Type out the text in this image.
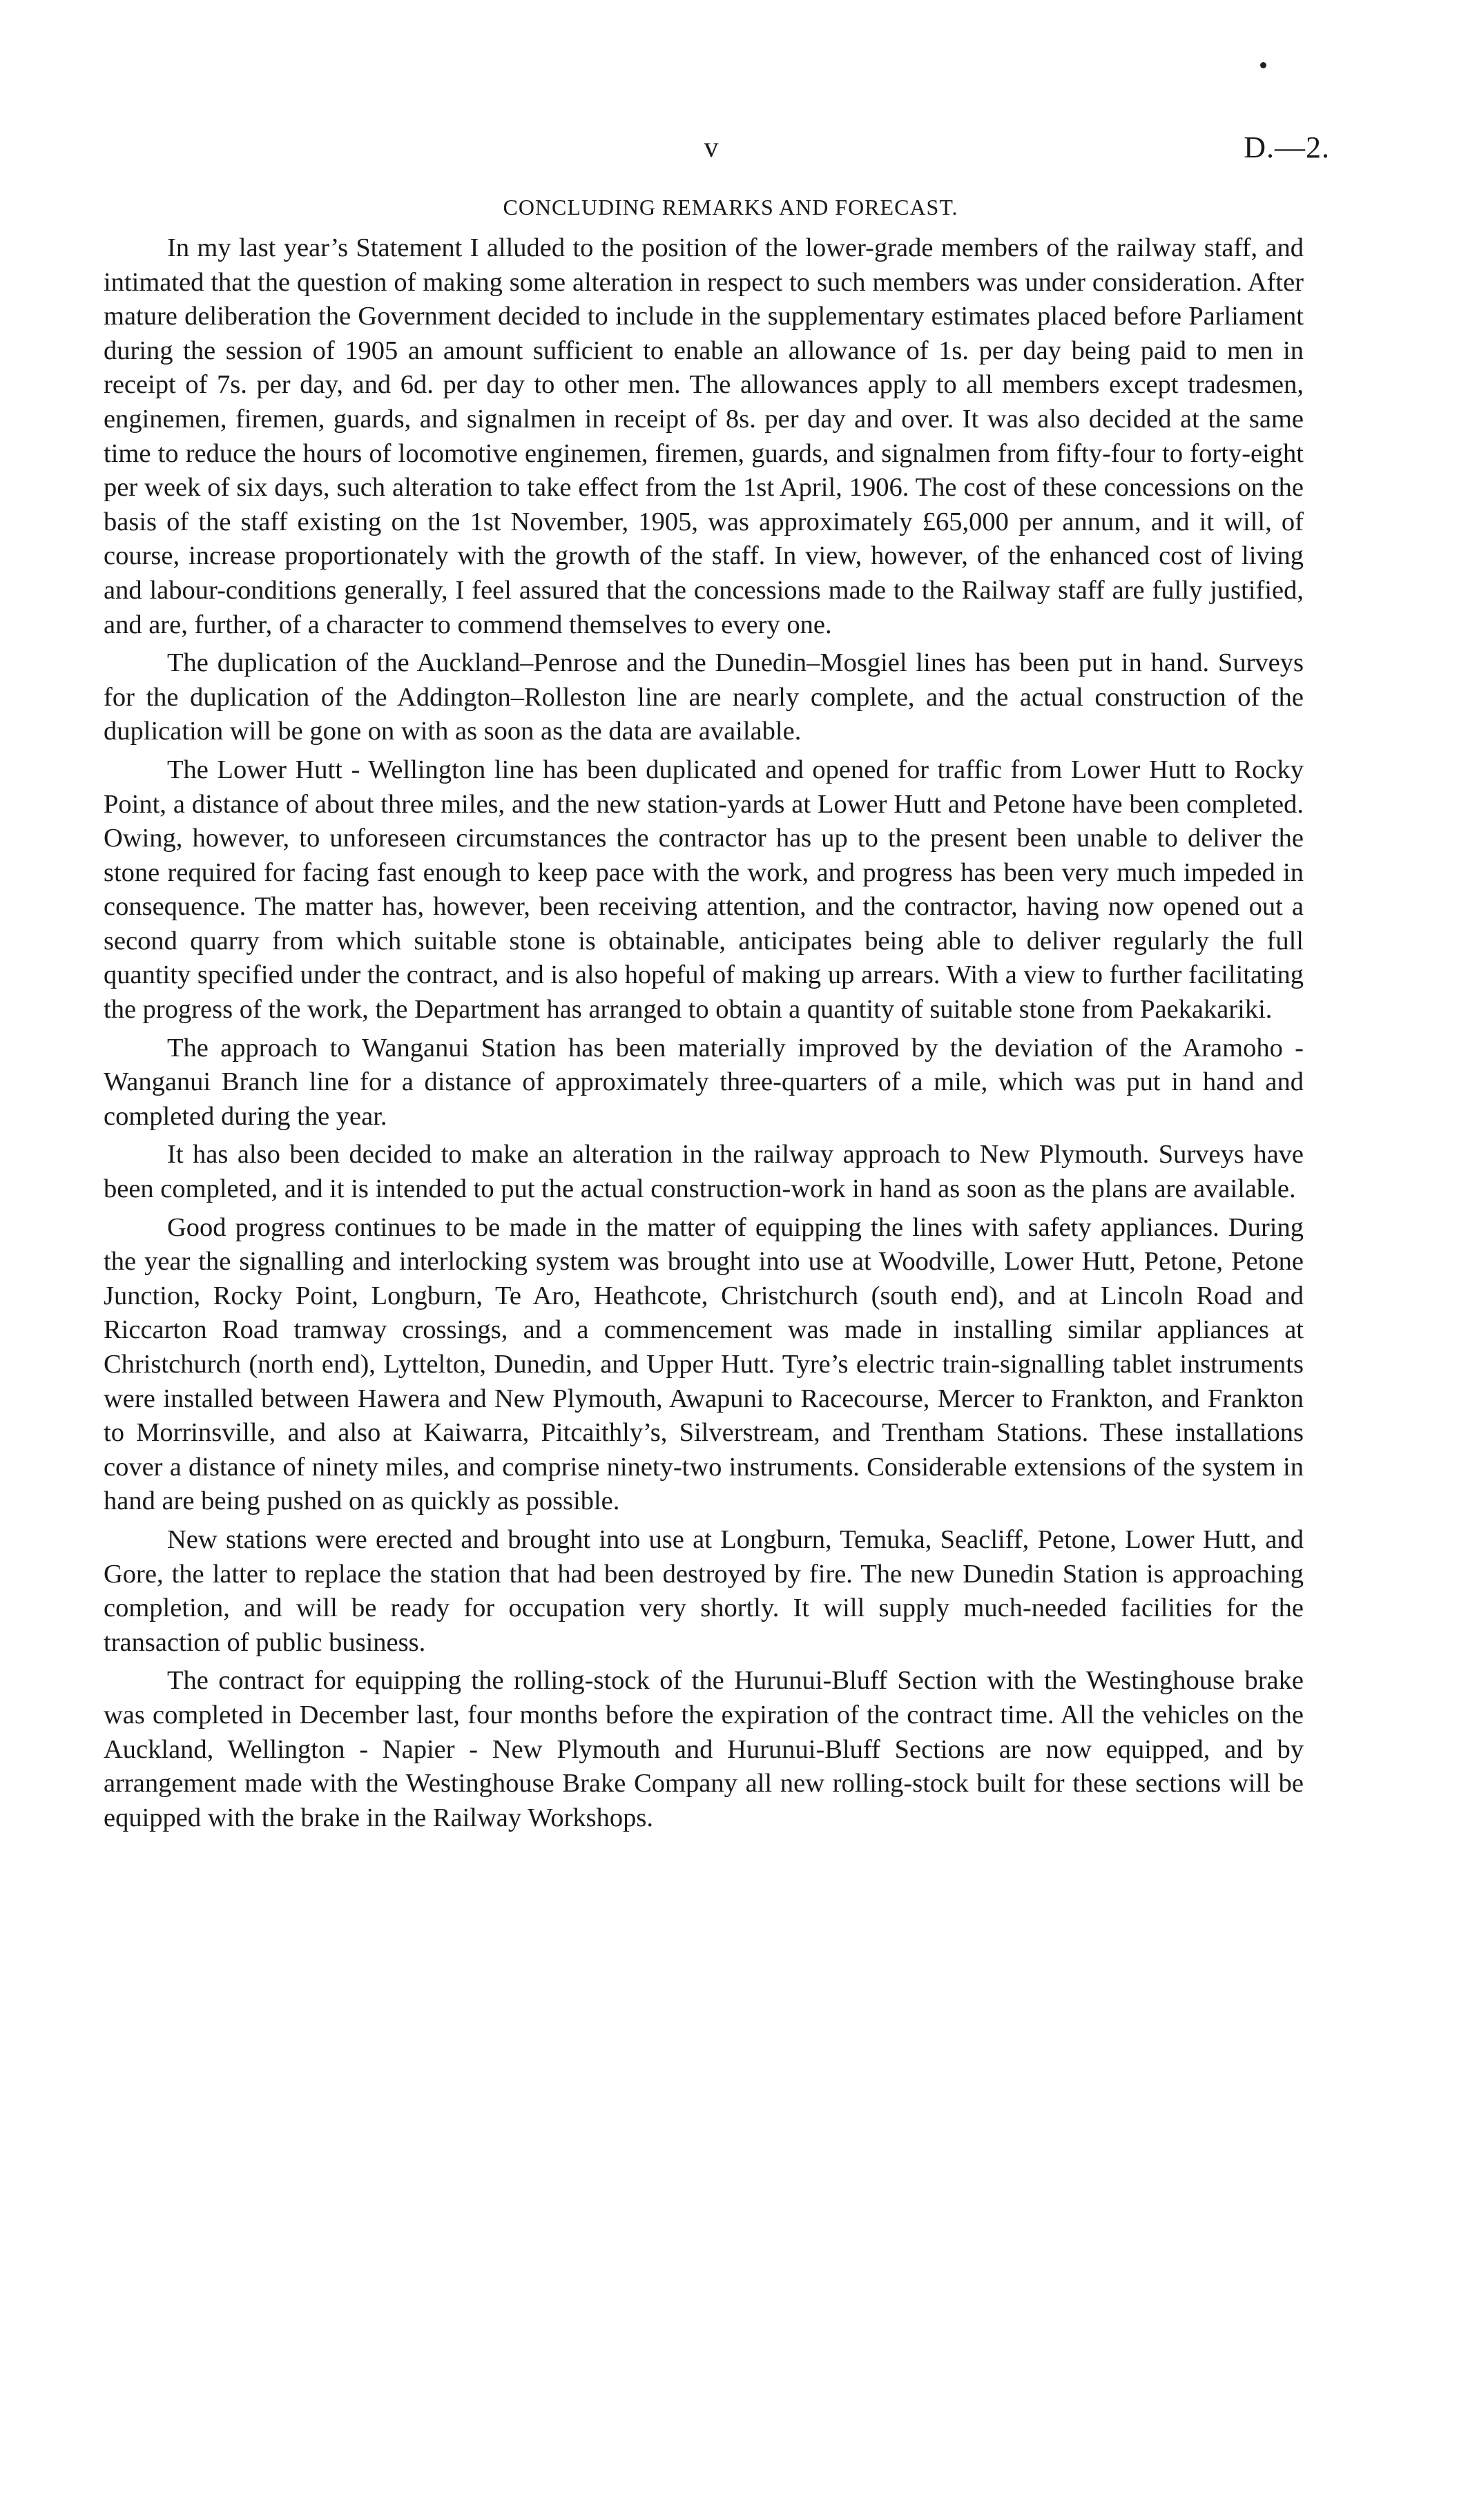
v	D.—2.
CONCLUDING REMARKS AND FORECAST.

In my last year’s Statement I alluded to the position of the lower-grade members of the railway staff, and intimated that the question of making some alteration in respect to such members was under consideration. After mature deliberation the Government decided to include in the supplementary estimates placed before Parliament during the session of 1905 an amount sufficient to enable an allowance of 1s. per day being paid to men in receipt of 7s. per day, and 6d. per day to other men. The allowances apply to all members except tradesmen, enginemen, firemen, guards, and signalmen in receipt of 8s. per day and over. It was also decided at the same time to reduce the hours of locomotive enginemen, firemen, guards, and signalmen from fifty-four to forty-eight per week of six days, such alteration to take effect from the 1st April, 1906. The cost of these concessions on the basis of the staff existing on the 1st November, 1905, was approximately £65,000 per annum, and it will, of course, increase proportionately with the growth of the staff. In view, however, of the enhanced cost of living and labour-conditions generally, I feel assured that the concessions made to the Railway staff are fully justified, and are, further, of a character to commend themselves to every one.

The duplication of the Auckland–Penrose and the Dunedin–Mosgiel lines has been put in hand. Surveys for the duplication of the Addington–Rolleston line are nearly complete, and the actual construction of the duplication will be gone on with as soon as the data are available.

The Lower Hutt - Wellington line has been duplicated and opened for traffic from Lower Hutt to Rocky Point, a distance of about three miles, and the new station-yards at Lower Hutt and Petone have been completed. Owing, however, to unforeseen circumstances the contractor has up to the present been unable to deliver the stone required for facing fast enough to keep pace with the work, and progress has been very much impeded in consequence. The matter has, however, been receiving attention, and the contractor, having now opened out a second quarry from which suitable stone is obtainable, anticipates being able to deliver regularly the full quantity specified under the contract, and is also hopeful of making up arrears. With a view to further facilitating the progress of the work, the Department has arranged to obtain a quantity of suitable stone from Paekakariki.

The approach to Wanganui Station has been materially improved by the deviation of the Aramoho - Wanganui Branch line for a distance of approximately three-quarters of a mile, which was put in hand and completed during the year.

It has also been decided to make an alteration in the railway approach to New Plymouth. Surveys have been completed, and it is intended to put the actual construction-work in hand as soon as the plans are available.

Good progress continues to be made in the matter of equipping the lines with safety appliances. During the year the signalling and interlocking system was brought into use at Woodville, Lower Hutt, Petone, Petone Junction, Rocky Point, Longburn, Te Aro, Heathcote, Christchurch (south end), and at Lincoln Road and Riccarton Road tramway crossings, and a commencement was made in installing similar appliances at Christchurch (north end), Lyttelton, Dunedin, and Upper Hutt. Tyre’s electric train-signalling tablet instruments were installed between Hawera and New Plymouth, Awapuni to Racecourse, Mercer to Frankton, and Frankton to Morrinsville, and also at Kaiwarra, Pitcaithly’s, Silverstream, and Trentham Stations. These installations cover a distance of ninety miles, and comprise ninety-two instruments. Considerable extensions of the system in hand are being pushed on as quickly as possible.

New stations were erected and brought into use at Longburn, Temuka, Seacliff, Petone, Lower Hutt, and Gore, the latter to replace the station that had been destroyed by fire. The new Dunedin Station is approaching completion, and will be ready for occupation very shortly. It will supply much-needed facilities for the transaction of public business.

The contract for equipping the rolling-stock of the Hurunui-Bluff Section with the Westinghouse brake was completed in December last, four months before the expiration of the contract time. All the vehicles on the Auckland, Wellington - Napier - New Plymouth and Hurunui-Bluff Sections are now equipped, and by arrangement made with the Westinghouse Brake Company all new rolling-stock built for these sections will be equipped with the brake in the Railway Workshops.
